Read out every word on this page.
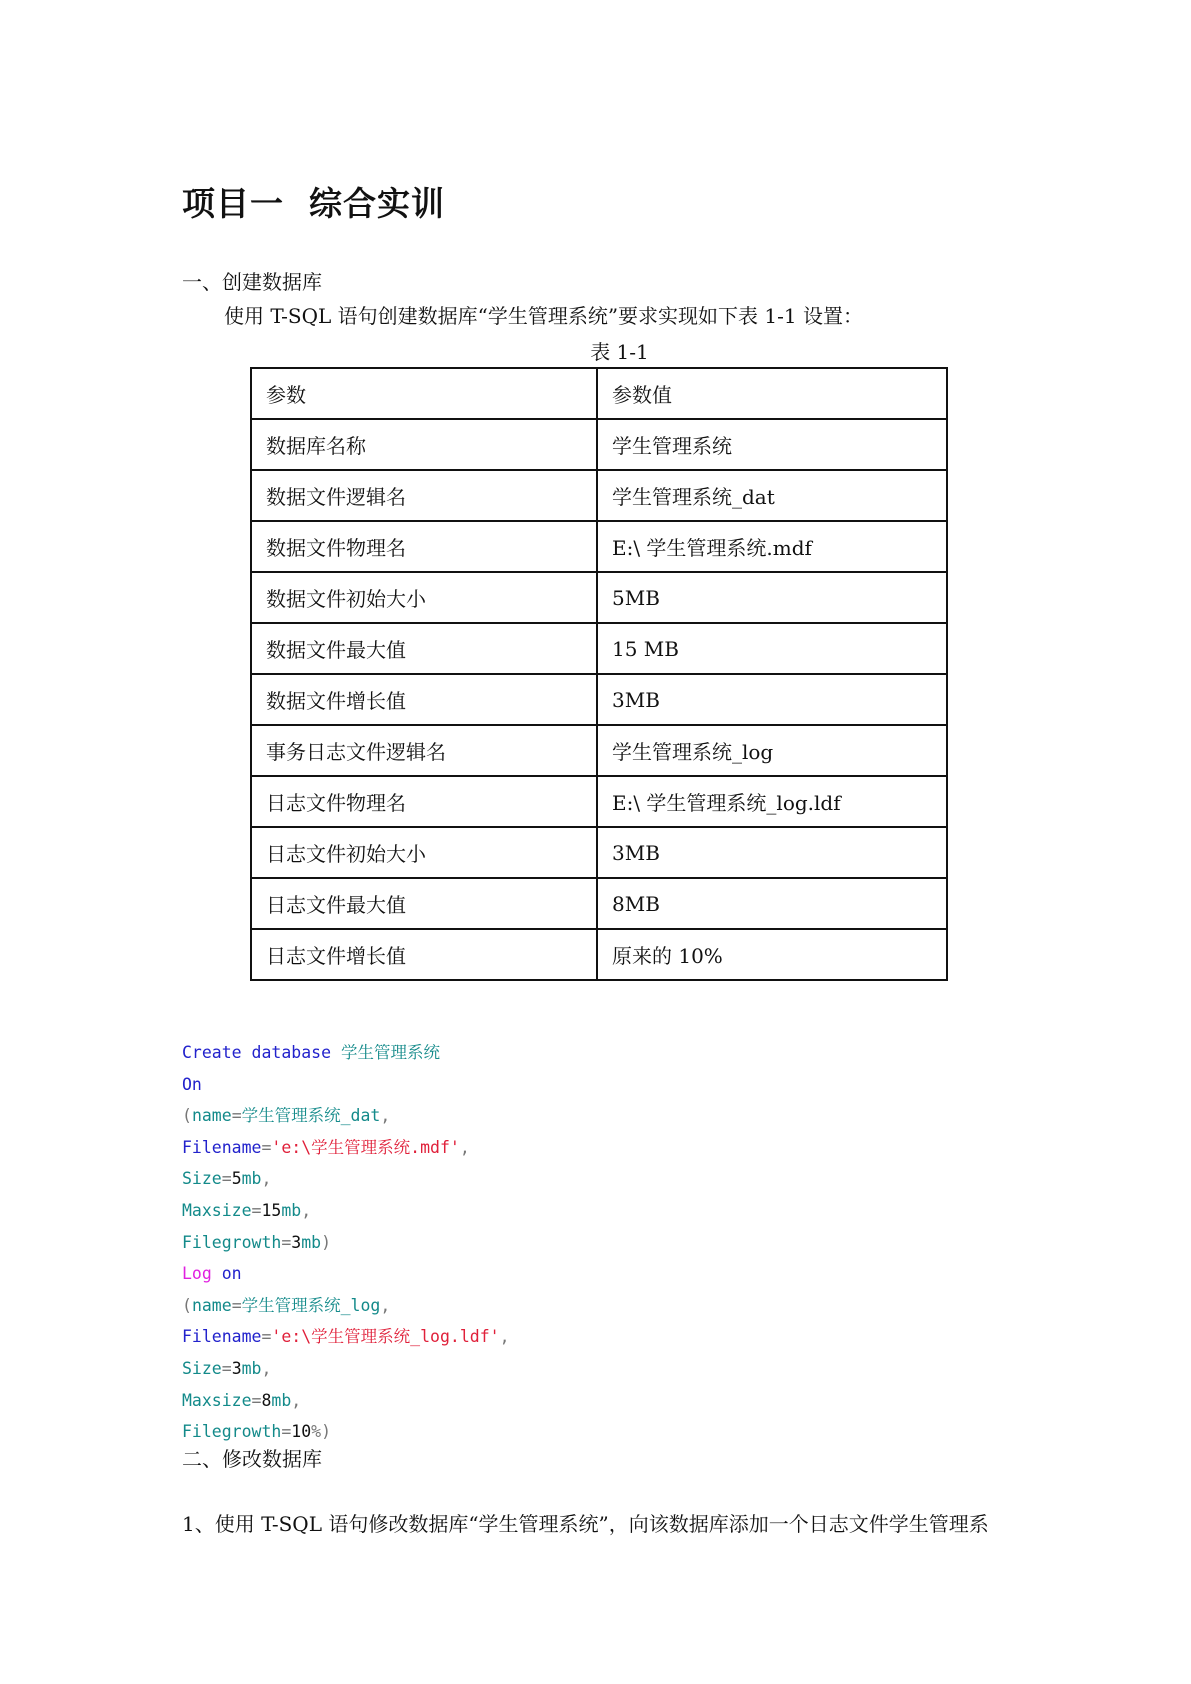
项目一  综合实训
一、创建数据库
使用 T-SQL 语句创建数据库“学生管理系统”要求实现如下表 1-1 设置：
表 1-1
参数	参数值
数据库名称	学生管理系统
数据文件逻辑名	学生管理系统_dat
数据文件物理名	E:\ 学生管理系统.mdf
数据文件初始大小	5MB
数据文件最大值	15 MB
数据文件增长值	3MB
事务日志文件逻辑名	学生管理系统_log
日志文件物理名	E:\ 学生管理系统_log.ldf
日志文件初始大小	3MB
日志文件最大值	8MB
日志文件增长值	原来的 10%
Create database 学生管理系统
On
(name=学生管理系统_dat,
Filename='e:\学生管理系统.mdf',
Size=5mb,
Maxsize=15mb,
Filegrowth=3mb)
Log on
(name=学生管理系统_log,
Filename='e:\学生管理系统_log.ldf',
Size=3mb,
Maxsize=8mb,
Filegrowth=10%)
二、修改数据库
1、使用 T-SQL 语句修改数据库“学生管理系统”，向该数据库添加一个日志文件学生管理系
